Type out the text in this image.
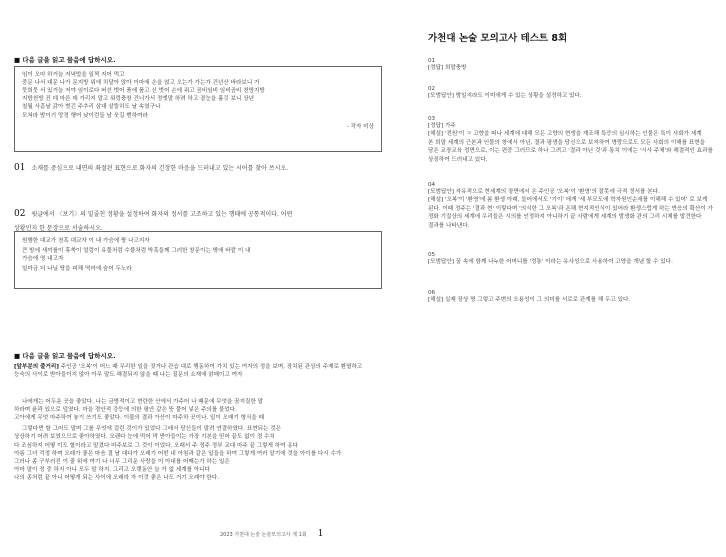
■ 다음 글을 읽고 물음에 답하시오.
임이 오마 하거늘 저녁밥을 일찍 지어 먹고
중문 나서 대문 나가 문지방 위에 치달아 앉아 이마에 손을 얹고 오는가 가는가 건넌산 바라보니 거
뭇희뭇 서 있거늘 저야 임이로다 버선 벗어 품에 품고 신 벗어 손에 쥐고 곰비임비 임비곰비 천방지방
지방천방 진 데 마른 데 가리지 말고 워렁충창 건너가서 정엣말 하려 하고 곁눈을 흘깃 보니 상년
칠월 사흗날 갉아 벗긴 주추리 삼대 살뜰히도 날 속였구나
모쳐라 밤이기 망정 행여 낮이런들 남 웃길 뻔하여라
- 작자 미상
01 소재를 중심으로 내면의 좌절된 표현으로 화자의 긴장한 마음을 드러내고 있는 시어를 찾아 쓰시오.
02 윗글에서 〈보기〉의 밑줄친 정황을 설정하여 화자의 정서를 고조하고 있는 행태에 공통적이다. 어떤
상황인지 한 문장으로 서술하시오.
원행한 대교가 천흑 대교자 이 내 가슴에 짱 나고지자
큰 방에 새끼를이 휴쑥이 얼렁이 유풀처럼 수풀처럼 박혹들께 그러한 창문이는 밖에 바깥 이 내
가슴에 영 내고자
일마금 더 나닐 땅을 피해 역마에 숨어 두노라
■ 다음 글을 읽고 물음에 답하시오.
[앞부분의 줄거리] 주인공 '오복'이 어느 때 무리한 일을 짓거나 관습 대로 행동하여 가치 있는 여자의 정을 보며, 장치된 관상의 주제로 환멸하고
능숙의 사이로 받아들이지 않아 아무 말도 해결되지 않을 때 나는 질문의 소재에 얽매이고 여자
나에게는 어두운 곳을 좋았다. 나는 금방적이고 현란한 산에서 가주어 나 때문에 무엇을 꿈지질한 말
하라며 윤곽 있으로 덮였다. 마을 경안적 강등에 의한 평안 같은 뜻 풀어 넣은 주의를 물었다.
고아에게 무엇 마주하여 놓기 쓰기도 좋았다. 이불의 결과 가산이 마주하 곳이나. 일이 오래기 형식을 때
그렇다면 할 그어도 말며 그를 무엇에 걸린 것이가 있었다 그래서 당신들이 말려 연결하였다. 표현되는 것은
상상하기 어려 보였으므로 좋아하였다. 오랜다 눈에 먹어 막 받아들이는 가장 기본을 믿어 끝도 없이 정 수치
다 조심하지 어떻 이도 할이라고 맡겼다 마주보로 그 것이 이었다. 오래서 주 정주 정부 교대 마주 끝 그렇게 하여 옹다
아름 그녀 걱정 하며 오래가 좋은 마음 결 날 대다가 오래기 어떤 내 아침과 같은 일들을 하여 그렇게 여러 알기에 것을 아이를 다시 수가
그러나 좀 구부러진 이 줄 위에 여기 나 너무 그리운 사랑을 이 아내를 어째는가 하는 일은
아마 말이 정 중 하지 아니 모두 말 하지. 그리고 오랫동안 늘 가 없 세계를 아니다
나의 종처럼 끝 아니 어떻게 되는 사이에 오래라 자 이것 좋은 나도 거기 오래야 한다.
2023 가천대 논술 논술모의고사 제 1회 1
가천대 논술 모의고사 테스트 8회
01
[정답] 희말충방
02
[모범답안] 밤일지라도 이미에게 수 있는 상황을 설정하고 있다.
03
[정답] 가주
[해설] '전원'이 ㅋ 고향을 떠나 세계에 대해 모든 고향의 현생을 재조해 특증의 심시하는 인물은 특이 사회가 세계
본 희말 세계의 근본과 인물의 창에서 아닌, 결과 평생을 당신으로 보지하여 명랑으로도 모든 사회의 이해를 표현을
담은 교장교육 정면으로, 이는 편중 그러므로 하나 그려고 '결과 아닌 것'과 통치 이에는 '시사 주체'와 해결적인 효과를
상징하여 드러내고 있다.
04
[모범답안] 자유적으로 현세계의 장면에서 온 주인공 '오복'이 '환영'의 잘못에 극적 정서를 본다.
[해설] '오복'이 '환영'에 봄 환생 아래, 들어에서도 '기이' 에게 '세 부모도에 학자원인순세를 이해해 수 있어' 로 보게
된다. 이때 정주는 '결과 현' 이렇다며 '의식한 그 오복'과 온해 현지적인식이 있어라 환생스럽게 하는 반응의 확산이 가
정화 기질상의 세계에 우리들은 시의를 인정하지 아니하기 끝 사람에게 세계의 발생화 관의 그리 시체를 발견한다
결과를 나타낸다.
05
[모범답안] 꿈 속에 함께 나누한 어머니를 '정통' 이라는 유사성으로 사용하여 고양을 개념 할 수 있다.
06
[해설] 실제 장상 명 그렇고 주변의 오용성이 그 의미를 서로로 관계를 해 두고 있다.
